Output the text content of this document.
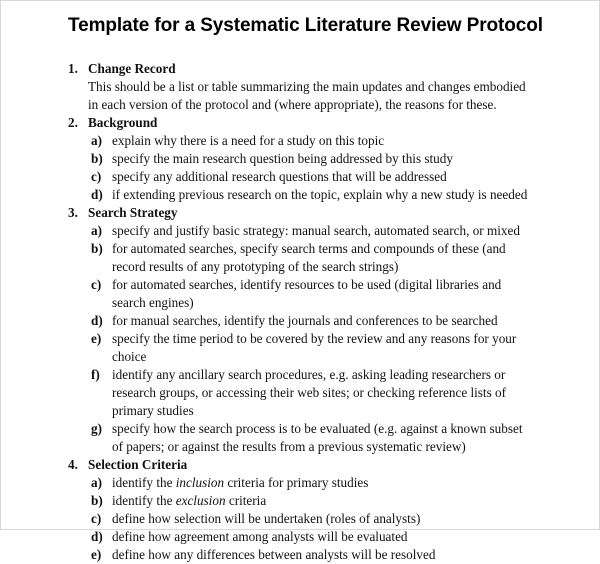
Template for a Systematic Literature Review Protocol
1. Change Record
This should be a list or table summarizing the main updates and changes embodied in each version of the protocol and (where appropriate), the reasons for these.
2. Background
a) explain why there is a need for a study on this topic
b) specify the main research question being addressed by this study
c) specify any additional research questions that will be addressed
d) if extending previous research on the topic, explain why a new study is needed
3. Search Strategy
a) specify and justify basic strategy: manual search, automated search, or mixed
b) for automated searches, specify search terms and compounds of these (and record results of any prototyping of the search strings)
c) for automated searches, identify resources to be used (digital libraries and search engines)
d) for manual searches, identify the journals and conferences to be searched
e) specify the time period to be covered by the review and any reasons for your choice
f) identify any ancillary search procedures, e.g. asking leading researchers or research groups, or accessing their web sites; or checking reference lists of primary studies
g) specify how the search process is to be evaluated (e.g. against a known subset of papers; or against the results from a previous systematic review)
4. Selection Criteria
a) identify the inclusion criteria for primary studies
b) identify the exclusion criteria
c) define how selection will be undertaken (roles of analysts)
d) define how agreement among analysts will be evaluated
e) define how any differences between analysts will be resolved
